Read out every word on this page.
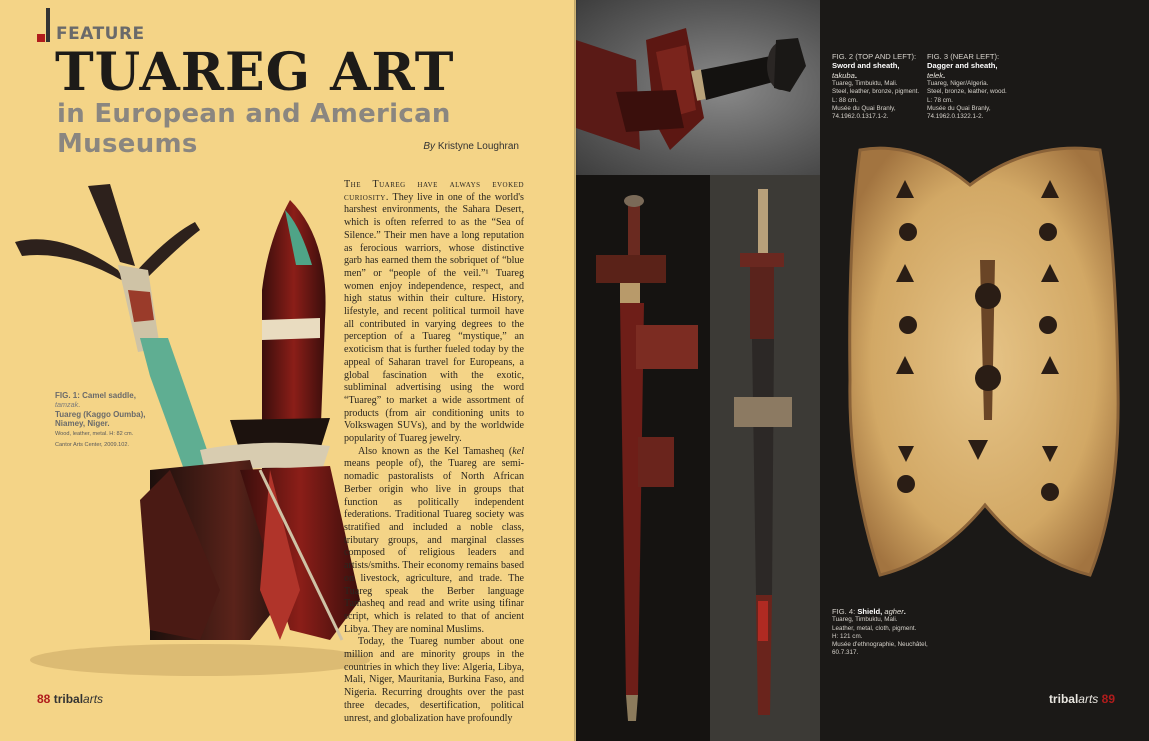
FEATURE
TUAREG ART
in European and American Museums	By Kristyne Loughran
FIG. 1: Camel saddle,
tamzak.
Tuareg (Kaggo Oumba), Niamey, Niger.
Wood, leather, metal. H: 82 cm.
Cantor Arts Center, 2009.102.

The Tuareg have always evoked curiosity. They live in one of the world's harshest environments, the Sahara Desert, which is often referred to as the “Sea of Silence.” Their men have a long reputation as ferocious warriors, whose distinctive garb has earned them the sobriquet of “blue men” or “people of the veil.”¹ Tuareg women enjoy independence, respect, and high status within their culture. History, lifestyle, and recent political turmoil have all contributed in varying degrees to the perception of a Tuareg “mystique,” an exoticism that is further fueled today by the appeal of Saharan travel for Europeans, a global fascination with the exotic, subliminal advertising using the word “Tuareg” to market a wide assortment of products (from air conditioning units to Volkswagen SUVs), and by the worldwide popularity of Tuareg jewelry.

Also known as the Kel Tamasheq (kel means people of), the Tuareg are semi-nomadic pastoralists of North African Berber origin who live in groups that function as politically independent federations. Traditional Tuareg society was stratified and included a noble class, tributary groups, and marginal classes composed of religious leaders and artists/smiths. Their economy remains based on livestock, agriculture, and trade. The Tuareg speak the Berber language Tamasheq and read and write using tifinar script, which is related to that of ancient Libya. They are nominal Muslims.

Today, the Tuareg number about one million and are minority groups in the countries in which they live: Algeria, Libya, Mali, Niger, Mauritania, Burkina Faso, and Nigeria. Recurring droughts over the past three decades, desertification, political unrest, and globalization have profoundly

88 tribalarts
FIG. 2 (TOP AND LEFT):
Sword and sheath,
takuba.
Tuareg, Timbuktu, Mali.
Steel, leather, bronze, pigment.
L: 88 cm.
Musée du Quai Branly,
74.1962.0.1317.1-2.
FIG. 3 (NEAR LEFT):
Dagger and sheath,
telek.
Tuareg, Niger/Algeria.
Steel, bronze, leather, wood.
L: 78 cm.
Musée du Quai Branly,
74.1962.0.1322.1-2.
FIG. 4: Shield, agher.
Tuareg, Timbuktu, Mali.
Leather, metal, cloth, pigment.
H: 121 cm.
Musée d'ethnographie, Neuchâtel,
60.7.317.
tribalarts 89
